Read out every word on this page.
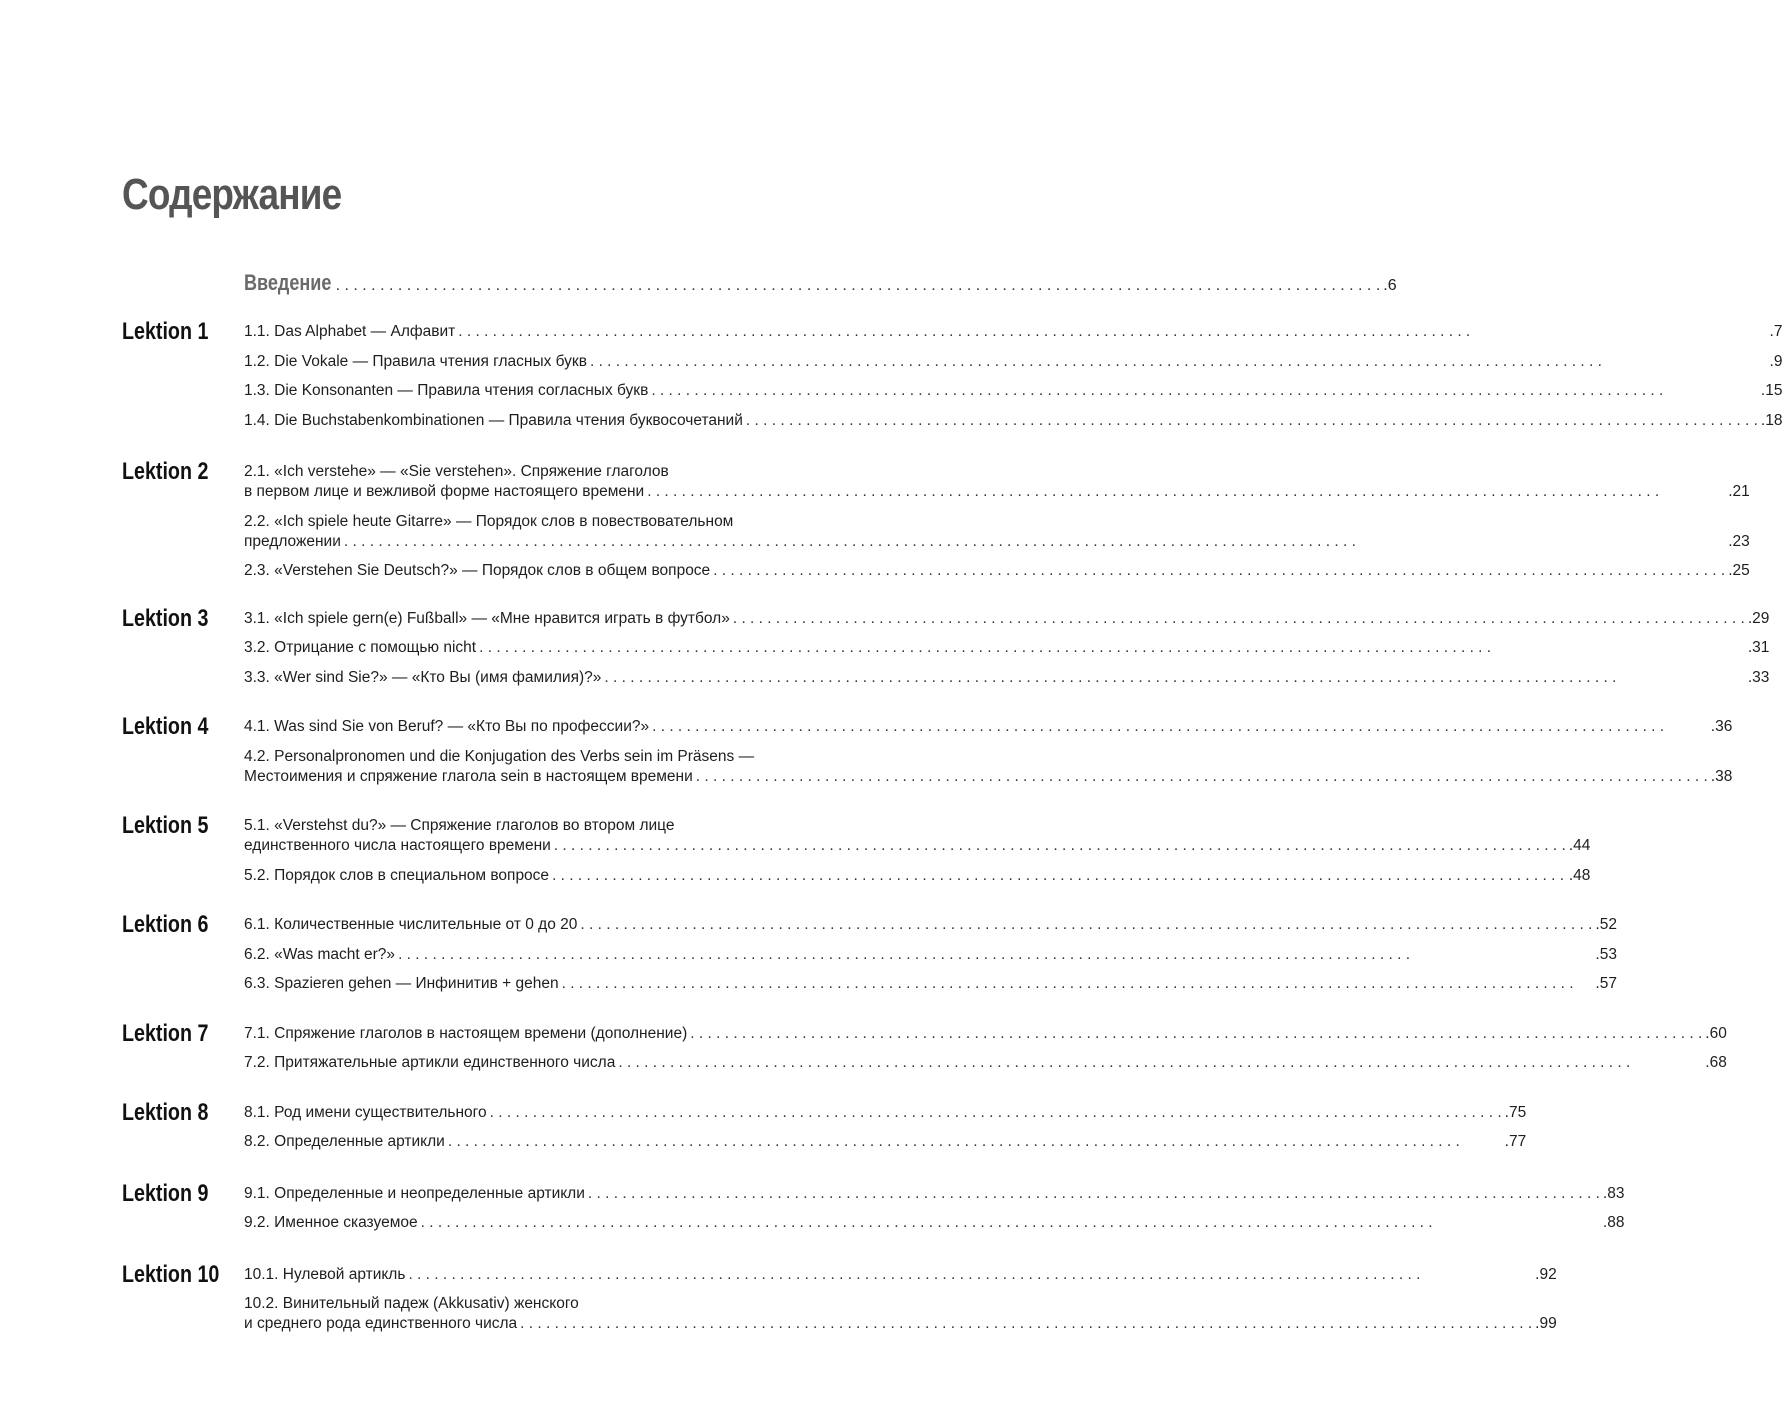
Содержание
Введение . . .	.6
Lektion 1	1.1. Das Alphabet — Алфавит . . .	.7
1.2. Die Vokale — Правила чтения гласных букв . . .	.9
1.3. Die Konsonanten — Правила чтения согласных букв . . .	.15
1.4. Die Buchstabenkombinationen — Правила чтения буквосочетаний . . .	.18
Lektion 2	2.1. «Ich verstehe» — «Sie verstehen». Спряжение глаголов
в первом лице и вежливой форме настоящего времени . . .	.21
2.2. «Ich spiele heute Gitarre» — Порядок слов в повествовательном
предложении . . .	.23
2.3. «Verstehen Sie Deutsch?» — Порядок слов в общем вопросе . . .	.25
Lektion 3	3.1. «Ich spiele gern(e) Fußball» — «Мне нравится играть в футбол» . . .	.29
3.2. Отрицание с помощью nicht . . .	.31
3.3. «Wer sind Sie?» — «Кто Вы (имя фамилия)?» . . .	.33
Lektion 4	4.1. Was sind Sie von Beruf? — «Кто Вы по профессии?» . . .	.36
4.2. Personalpronomen und die Konjugation des Verbs sein im Präsens —
Местоимения и спряжение глагола sein в настоящем времени . . .	.38
Lektion 5	5.1. «Verstehst du?» — Спряжение глаголов во втором лице
единственного числа настоящего времени . . .	.44
5.2. Порядок слов в специальном вопросе . . .	.48
Lektion 6	6.1. Количественные числительные от 0 до 20 . . .	.52
6.2. «Was macht er?» . . .	.53
6.3. Spazieren gehen — Инфинитив + gehen . . .	.57
Lektion 7	7.1. Спряжение глаголов в настоящем времени (дополнение) . . .	.60
7.2. Притяжательные артикли единственного числа . . .	.68
Lektion 8	8.1. Род имени существительного . . .	.75
8.2. Определенные артикли . . .	.77
Lektion 9	9.1. Определенные и неопределенные артикли . . .	.83
9.2. Именное сказуемое . . .	.88
Lektion 10 10.1. Нулевой артикль . . .	.92
10.2. Винительный падеж (Akkusativ) женского
и среднего рода единственного числа . . .	.99
